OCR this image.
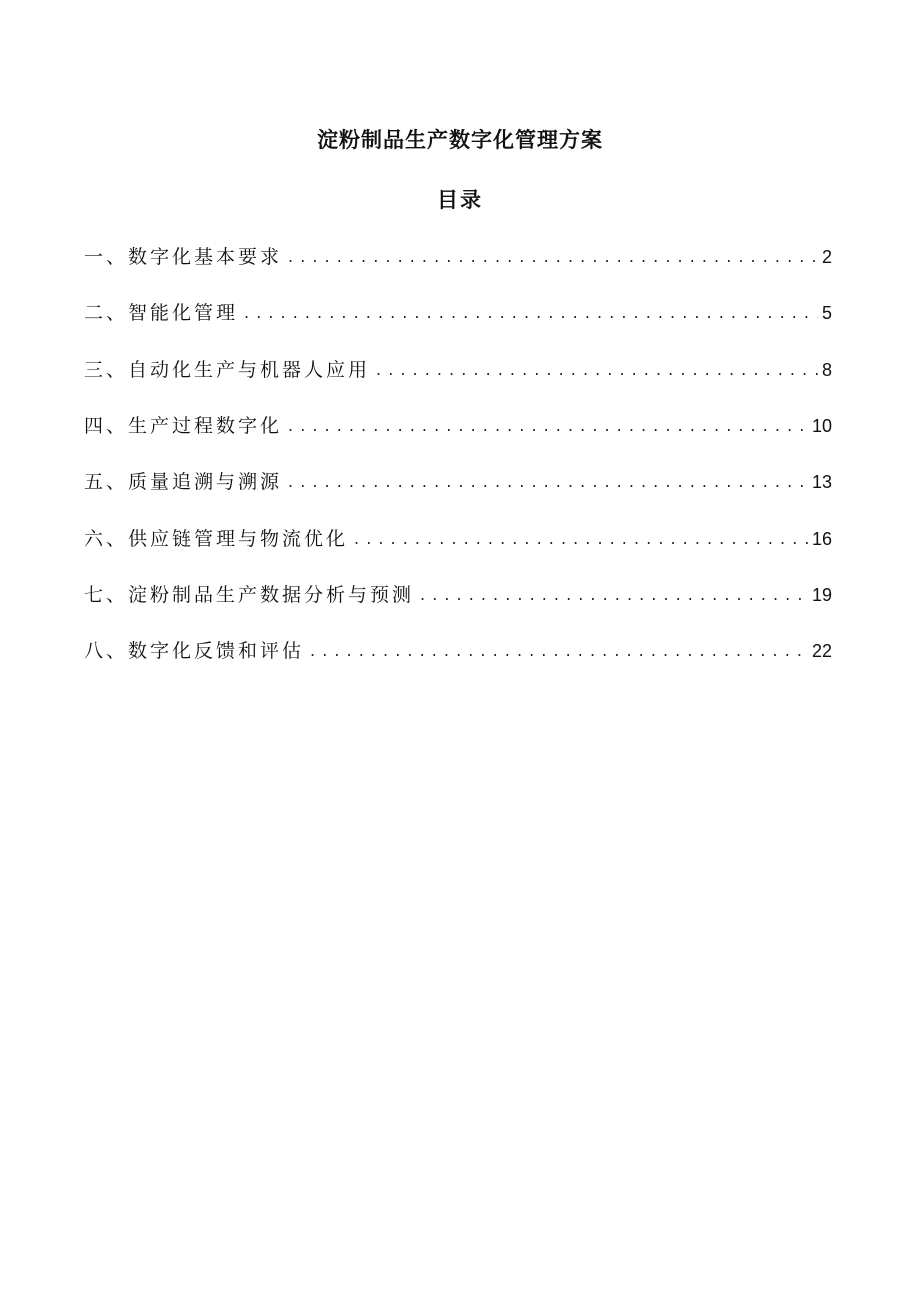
淀粉制品生产数字化管理方案
目录
一、数字化基本要求 . . .	2
二、智能化管理 . . .	5
三、自动化生产与机器人应用 . . .	8
四、生产过程数字化 . . .	10
五、质量追溯与溯源 . . .	13
六、供应链管理与物流优化 . . .	16
七、淀粉制品生产数据分析与预测 . . .	19
八、数字化反馈和评估 . . .	22
